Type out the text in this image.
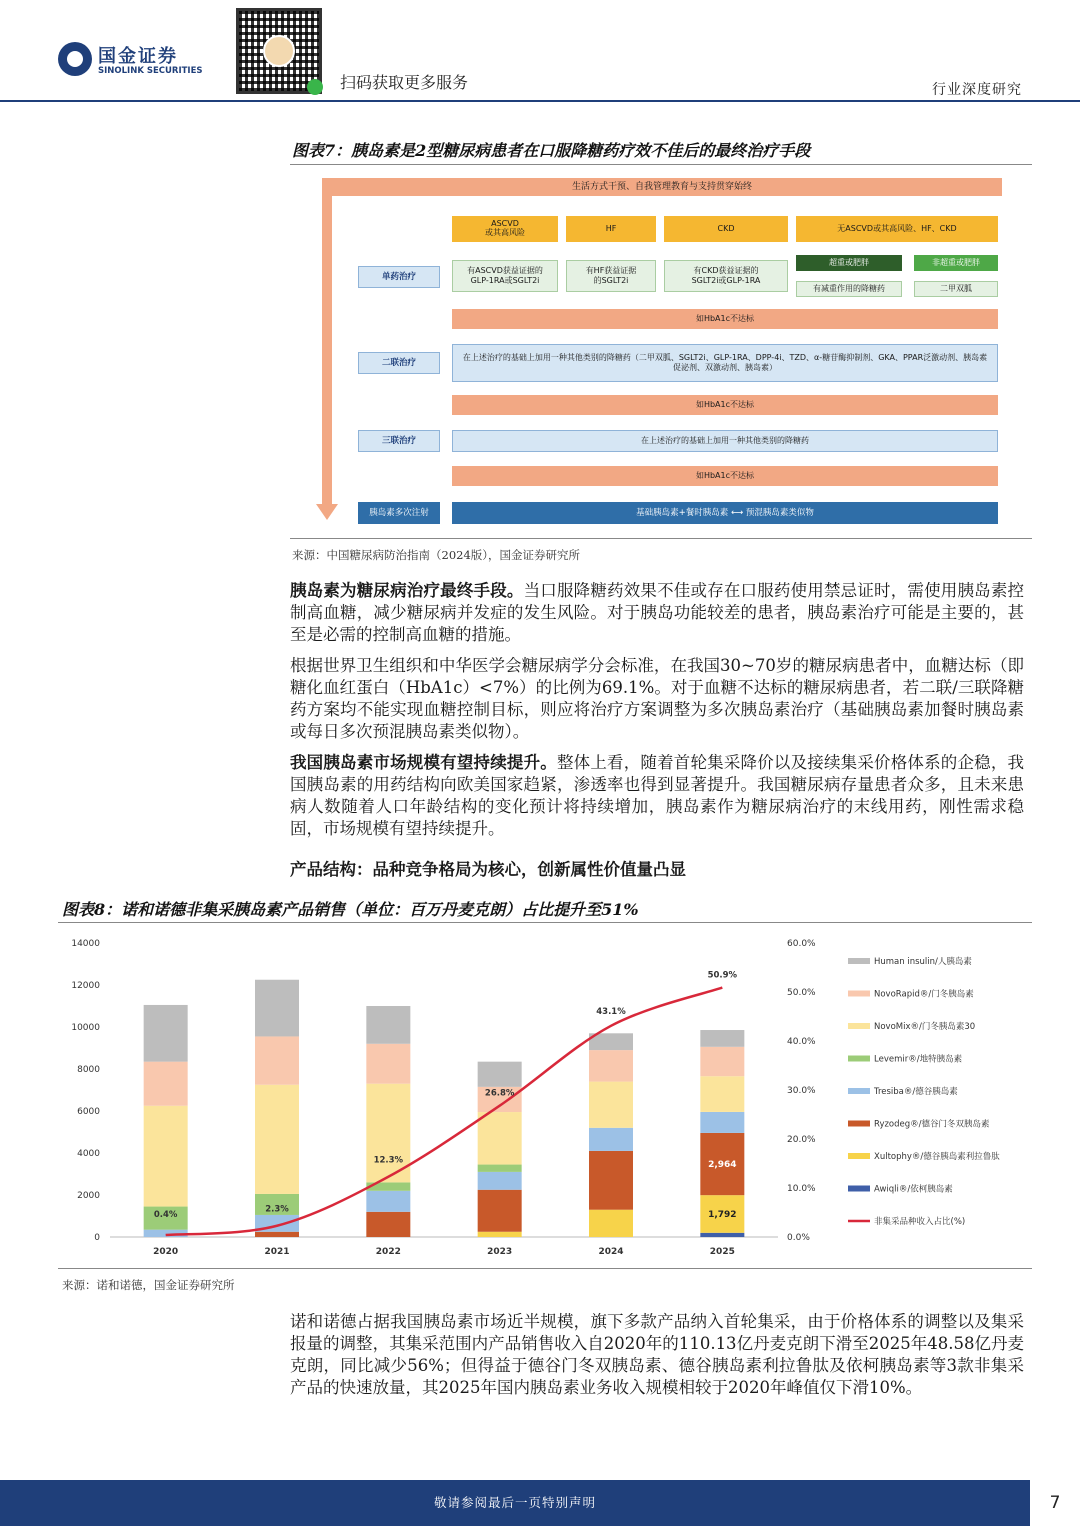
国金证券
SINOLINK SECURITIES
扫码获取更多服务	行业深度研究
图表7：胰岛素是2型糖尿病患者在口服降糖药疗效不佳后的最终治疗手段
生活方式干预、自我管理教育与支持贯穿始终
ASCVD
或其高风险	HF	CKD	无ASCVD或其高风险、HF、CKD
单药治疗
有ASCVD获益证据的
GLP-1RA或SGLT2i
有HF获益证据
的SGLT2i
有CKD获益证据的
SGLT2i或GLP-1RA
超重或肥胖	非超重或肥胖
有减重作用的降糖药	二甲双胍
如HbA1c不达标
二联治疗
在上述治疗的基础上加用一种其他类别的降糖药（二甲双胍、SGLT2i、GLP-1RA、DPP-4i、TZD、α-糖苷酶抑制剂、GKA、PPAR泛激动剂、胰岛素促泌剂、双激动剂、胰岛素）
如HbA1c不达标
三联治疗	在上述治疗的基础上加用一种其他类别的降糖药
如HbA1c不达标
胰岛素多次注射	基础胰岛素+餐时胰岛素 ⟷ 预混胰岛素类似物
来源：中国糖尿病防治指南（2024版），国金证券研究所
胰岛素为糖尿病治疗最终手段。当口服降糖药效果不佳或存在口服药使用禁忌证时，需使用胰岛素控制高血糖，减少糖尿病并发症的发生风险。对于胰岛功能较差的患者，胰岛素治疗可能是主要的，甚至是必需的控制高血糖的措施。
根据世界卫生组织和中华医学会糖尿病学分会标准，在我国30~70岁的糖尿病患者中，血糖达标（即糖化血红蛋白（HbA1c）<7%）的比例为69.1%。对于血糖不达标的糖尿病患者，若二联/三联降糖药方案均不能实现血糖控制目标，则应将治疗方案调整为多次胰岛素治疗（基础胰岛素加餐时胰岛素或每日多次预混胰岛素类似物）。
我国胰岛素市场规模有望持续提升。整体上看，随着首轮集采降价以及接续集采价格体系的企稳，我国胰岛素的用药结构向欧美国家趋紧，渗透率也得到显著提升。我国糖尿病存量患者众多，且未来患病人数随着人口年龄结构的变化预计将持续增加，胰岛素作为糖尿病治疗的末线用药，刚性需求稳固，市场规模有望持续提升。
产品结构：品种竞争格局为核心，创新属性价值量凸显
图表8：诺和诺德非集采胰岛素产品销售（单位：百万丹麦克朗）占比提升至51%
0
2000
4000
6000
8000
10000
12000
14000
0.0%
10.0%
20.0%
30.0%
40.0%
50.0%
60.0%
2020	2021	2022	2023	2024	2025
1,792
2,964
0.4%
2.3%
12.3%
26.8%
43.1%
50.9%
Human insulin/人胰岛素
NovoRapid®/门冬胰岛素
NovoMix®/门冬胰岛素30
Levemir®/地特胰岛素
Tresiba®/德谷胰岛素
Ryzodeg®/德谷门冬双胰岛素
Xultophy®/德谷胰岛素利拉鲁肽
Awiqli®/依柯胰岛素
非集采品种收入占比(%)
来源：诺和诺德，国金证券研究所
诺和诺德占据我国胰岛素市场近半规模，旗下多款产品纳入首轮集采，由于价格体系的调整以及集采报量的调整，其集采范围内产品销售收入自2020年的110.13亿丹麦克朗下滑至2025年48.58亿丹麦克朗，同比减少56%；但得益于德谷门冬双胰岛素、德谷胰岛素利拉鲁肽及依柯胰岛素等3款非集采产品的快速放量，其2025年国内胰岛素业务收入规模相较于2020年峰值仅下滑10%。
敬请参阅最后一页特别声明	7
